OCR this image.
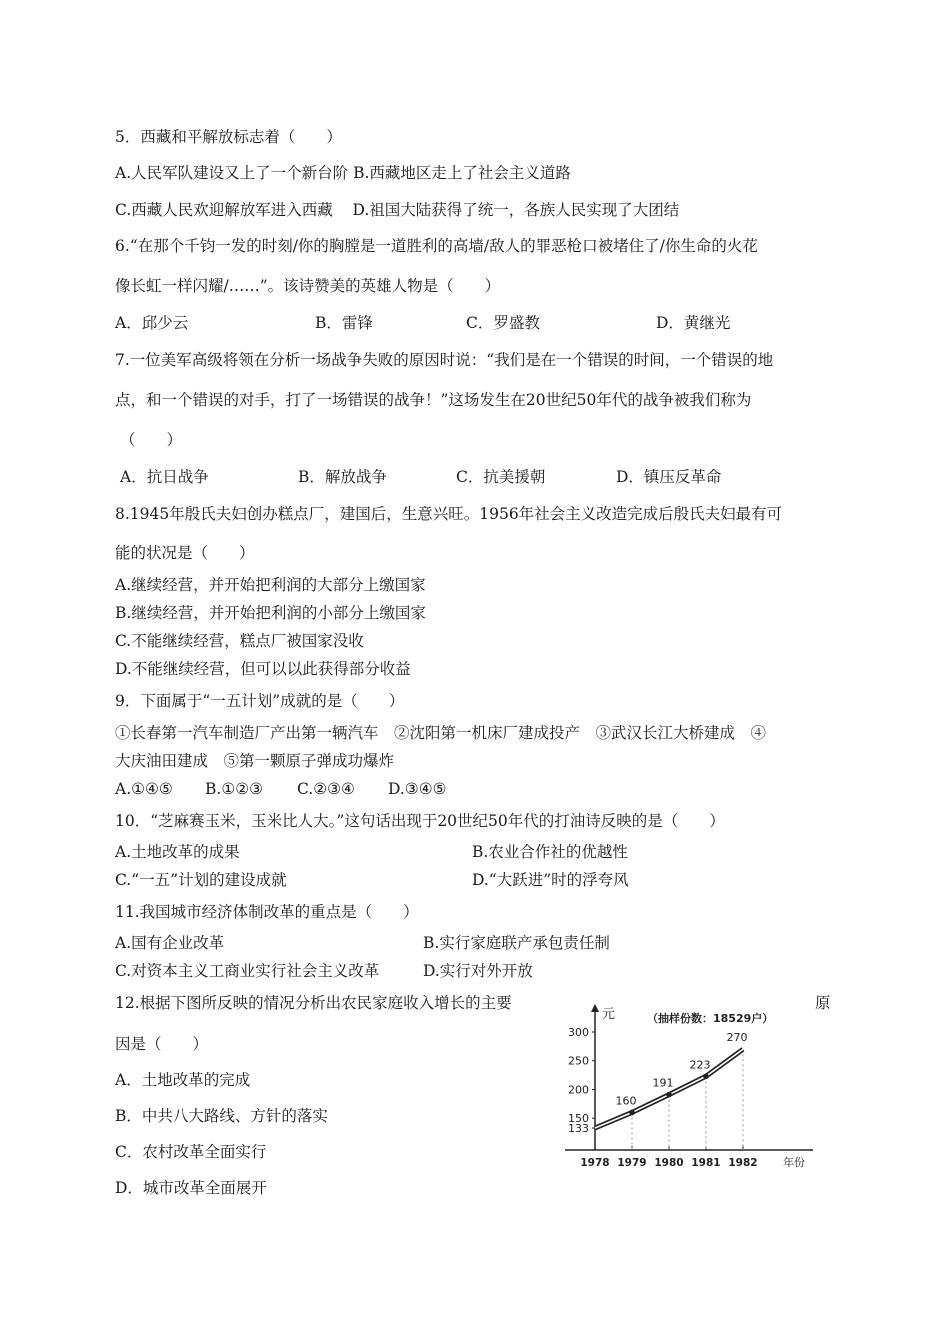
5．西藏和平解放标志着（　　）
A.人民军队建设又上了一个新台阶 B.西藏地区走上了社会主义道路
C.西藏人民欢迎解放军进入西藏 D.祖国大陆获得了统一，各族人民实现了大团结
6.“在那个千钧一发的时刻/你的胸膛是一道胜利的高墙/敌人的罪恶枪口被堵住了/你生命的火花
像长虹一样闪耀/……”。该诗赞美的英雄人物是（　　）
A．邱少云	B．雷锋	C．罗盛教	D．黄继光
7.一位美军高级将领在分析一场战争失败的原因时说：“我们是在一个错误的时间，一个错误的地
点，和一个错误的对手，打了一场错误的战争！”这场发生在20世纪50年代的战争被我们称为
（　　）
A．抗日战争	B．解放战争	C．抗美援朝	D．镇压反革命
8.1945年殷氏夫妇创办糕点厂，建国后，生意兴旺。1956年社会主义改造完成后殷氏夫妇最有可
能的状况是（　　）
A.继续经营，并开始把利润的大部分上缴国家
B.继续经营，并开始把利润的小部分上缴国家
C.不能继续经营，糕点厂被国家没收
D.不能继续经营，但可以以此获得部分收益
9．下面属于“一五计划”成就的是（　　）
①长春第一汽车制造厂产出第一辆汽车　②沈阳第一机床厂建成投产　③武汉长江大桥建成　④
大庆油田建成　⑤第一颗原子弹成功爆炸
A.①④⑤ B.①②③ C.②③④ D.③④⑤
10．“芝麻赛玉米，玉米比人大。”这句话出现于20世纪50年代的打油诗反映的是（　　）
A.土地改革的成果	B.农业合作社的优越性
C.“一五”计划的建设成就	D.“大跃进”时的浮夸风
11.我国城市经济体制改革的重点是（　　）
A.国有企业改革	B.实行家庭联产承包责任制
C.对资本主义工商业实行社会主义改革	D.实行对外开放
12.根据下图所反映的情况分析出农民家庭收入增长的主要	原
因是（　　）
A．土地改革的完成
B．中共八大路线、方针的落实
C．农村改革全面实行
D．城市改革全面展开
元	（抽样份数：18529户）
年份
133
150
200
250
300
1978 1979 1980 1981 1982
160
191
223
270
